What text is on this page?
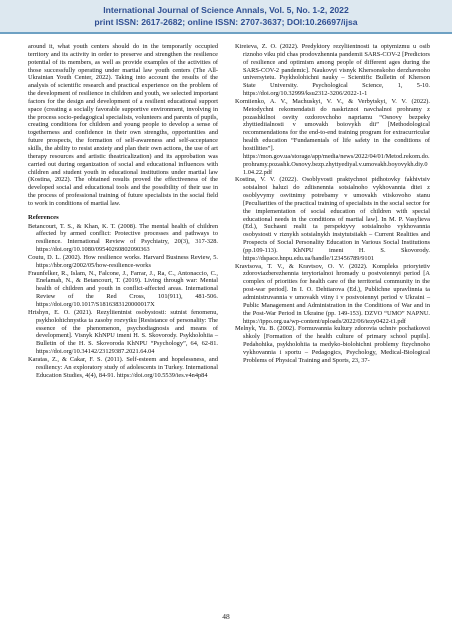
International Journal of Science Annals, Vol. 5, No. 1-2, 2022
print ISSN: 2617-2682; online ISSN: 2707-3637; DOI:10.26697/ijsa

around it, what youth centers should do in the temporarily occupied territory and its activity in order to preserve and strengthen the resilience potential of its members, as well as provide examples of the activities of those successfully operating under martial law youth centers (The All-Ukrainian Youth Center, 2022). Taking into account the results of the analysis of scientific research and practical experience on the problem of the development of resilience in children and youth, we selected important factors for the design and development of a resilient educational support space (creating a socially favorable supportive environment, involving in the process socio-pedagogical specialists, volunteers and parents of pupils, creating conditions for children and young people to develop a sense of togetherness and confidence in their own strengths, opportunities and future prospects, the formation of self-awareness and self-acceptance skills, the ability to resist anxiety and plan their own actions, the use of art therapy resources and artistic theatricalization) and its approbation was carried out during organization of social and educational influences with children and student youth in educational institutions under martial law (Kostina, 2022). The obtained results proved the effectiveness of the developed social and educational tools and the possibility of their use in the process of professional training of future specialists in the social field to work in conditions of martial law.

References

Betancourt, T. S., & Khan, K. T. (2008). The mental health of children affected by armed conflict: Protective processes and pathways to resilience. International Review of Psychiatry, 20(3), 317-328. https://doi.org/10.1080/09540260802090363

Coutu, D. L. (2002). How resilience works. Harvard Business Review, 5. https://hbr.org/2002/05/how-resilience-works

Fraunfelker, R., Islam, N., Falcone, J., Farrar, J., Ra, C., Antonaccio, C., Enelamah, N., & Betancourt, T. (2019). Living through war: Mental health of children and youth in conflict-affected areas. International Review of the Red Cross, 101(911), 481-506. https://doi.org/10.1017/S1816383120000017X

Hrishyn, E. O. (2021). Rezyliientnist osobystosti: sutnist fenomenu, psykholohichnystka ta zasoby rozvytku [Resistance of personality: The essence of the phenomenon, psychodiagnosis and means of development]. Visnyk KhNPU imeni H. S. Skovorody. Psykholohiia – Bulletin of the H. S. Skovoroda KhNPU “Psychology”, 64, 62-81. https://doi.org/10.34142/23129387.2021.64.04

Karatas, Z., & Cakar, F. S. (2011). Self-esteem and hopelessness, and resiliency: An exploratory study of adolescents in Turkey. International Education Studies, 4(4), 84-91. https://doi.org/10.5539/ies.v4n4p84

Kireieva, Z. O. (2022). Predyktory rezyliientnosti ta optymizmu u osib riznoho viku pid chas prodovzhennia pandemii SARS-COV-2 [Predictors of resilience and optimism among people of different ages during the SARS-COV-2 pandemic]. Naukovyi visnyk Khersonskoho derzhavnoho universytetu. Psykholohichni nauky – Scientific Bulletin of Kherson State University. Psychological Science, 1, 5-10. https://doi.org/10.32999/ksu2312-3206/2022-1-1

Korniienko, A. V., Machuskyi, V. V., & Verbytskyi, V. V. (2022). Metodychni rekomendatsii do naskriznoi navchalnoi prohramy z pozashkilnoi osvity ozdorovchoho napriamu “Osnovy bezpeky zhyttiediialnosti v umovakh boiovykh dii” [Methodological recommendations for the end-to-end training program for extracurricular health education “Fundamentals of life safety in the conditions of hostilities”]. https://mon.gov.ua/storage/app/media/news/2022/04/01/Metod.rekom.do.prohramy.pozashk.Osnovy.bezp.zhyttyediyal.v.umovakh.boyovykh.diy.01.04.22.pdf

Kostina, V. V. (2022). Osoblyvosti praktychnoi pidhotovky fakhivtsiv sotsialnoi haluzi do zdiisnennia sotsialnoho vykhovannia ditei z osoblyvymy osvitnimy potrebamy v umovakh viiskovoho stanu [Peculiarities of the practical training of specialists in the social sector for the implementation of social education of children with special educational needs in the conditions of martial law]. In M. P. Vasylieva (Ed.), Suchasni realii ta perspektyvy sotsialnoho vykhovannia osobystosti v riznykh sotsialnykh instytutsiiakh – Current Realities and Prospects of Social Personality Education in Various Social Institutions (pp.109-113). KhNPU imeni H. S. Skovorody. https://dspace.hnpu.edu.ua/handle/123456789/9101

Kravtsova, T. V., & Kravtsov, O. V. (2022). Kompleks priorytetiv zdoroviazberezhennia terytorialnoi hromady u postvoiennyi period [A complex of priorities for health care of the territorial community in the post-war period]. In I. O. Dehtiarova (Ed.), Publichne upravlinnia ta administruvannia v umovakh viiny i v postvoiennyi period v Ukraini – Public Management and Administration in the Conditions of War and in the Post-War Period in Ukraine (pp. 149-153). DZVO “UMO” NAPNU. https://ippo.org.ua/wp-content/uploads/2022/06/tezy0422-t1.pdf

Melnyk, Yu. B. (2002). Formuvannia kultury zdorovia uchniv pochatkovoi shkoly [Formation of the health culture of primary school pupils]. Pedahohika, psykholohiia ta medyko-biolohichni problemy fizychnoho vykhovannia i sportu – Pedagogics, Psychology, Medical-Biological Problems of Physical Training and Sports, 23, 37-

48
